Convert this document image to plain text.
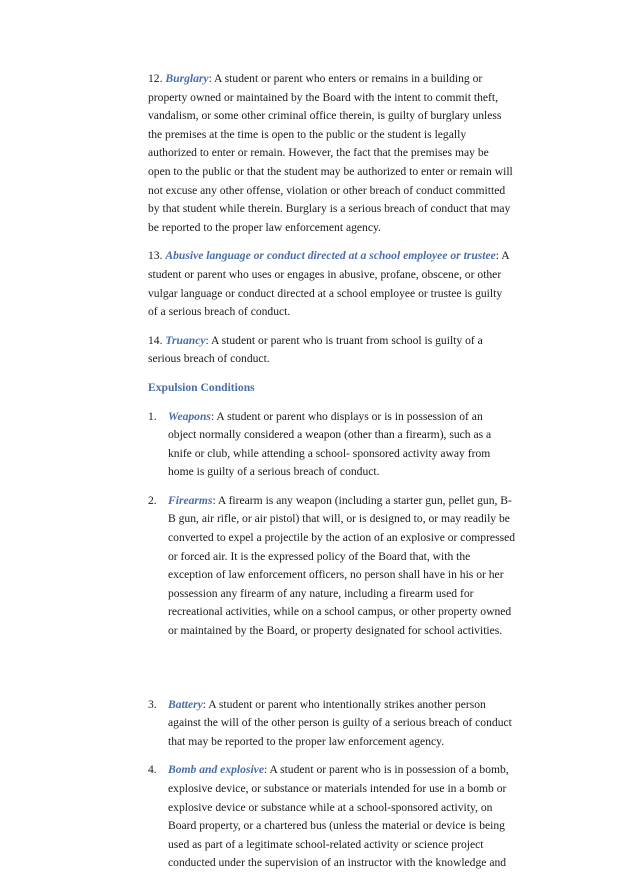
12. Burglary: A student or parent who enters or remains in a building or
property owned or maintained by the Board with the intent to commit theft,
vandalism, or some other criminal office therein, is guilty of burglary unless
the premises at the time is open to the public or the student is legally
authorized to enter or remain. However, the fact that the premises may be
open to the public or that the student may be authorized to enter or remain will
not excuse any other offense, violation or other breach of conduct committed
by that student while therein. Burglary is a serious breach of conduct that may
be reported to the proper law enforcement agency.
13. Abusive language or conduct directed at a school employee or trustee: A
student or parent who uses or engages in abusive, profane, obscene, or other
vulgar language or conduct directed at a school employee or trustee is guilty
of a serious breach of conduct.
14. Truancy: A student or parent who is truant from school is guilty of a
serious breach of conduct.
Expulsion Conditions
1. Weapons: A student or parent who displays or is in possession of an
object normally considered a weapon (other than a firearm), such as a
knife or club, while attending a school- sponsored activity away from
home is guilty of a serious breach of conduct.
2. Firearms: A firearm is any weapon (including a starter gun, pellet gun, B-
B gun, air rifle, or air pistol) that will, or is designed to, or may readily be
converted to expel a projectile by the action of an explosive or compressed
or forced air. It is the expressed policy of the Board that, with the
exception of law enforcement officers, no person shall have in his or her
possession any firearm of any nature, including a firearm used for
recreational activities, while on a school campus, or other property owned
or maintained by the Board, or property designated for school activities.
3. Battery: A student or parent who intentionally strikes another person
against the will of the other person is guilty of a serious breach of conduct
that may be reported to the proper law enforcement agency.
4. Bomb and explosive: A student or parent who is in possession of a bomb,
explosive device, or substance or materials intended for use in a bomb or
explosive device or substance while at a school-sponsored activity, on
Board property, or a chartered bus (unless the material or device is being
used as part of a legitimate school-related activity or science project
conducted under the supervision of an instructor with the knowledge and
